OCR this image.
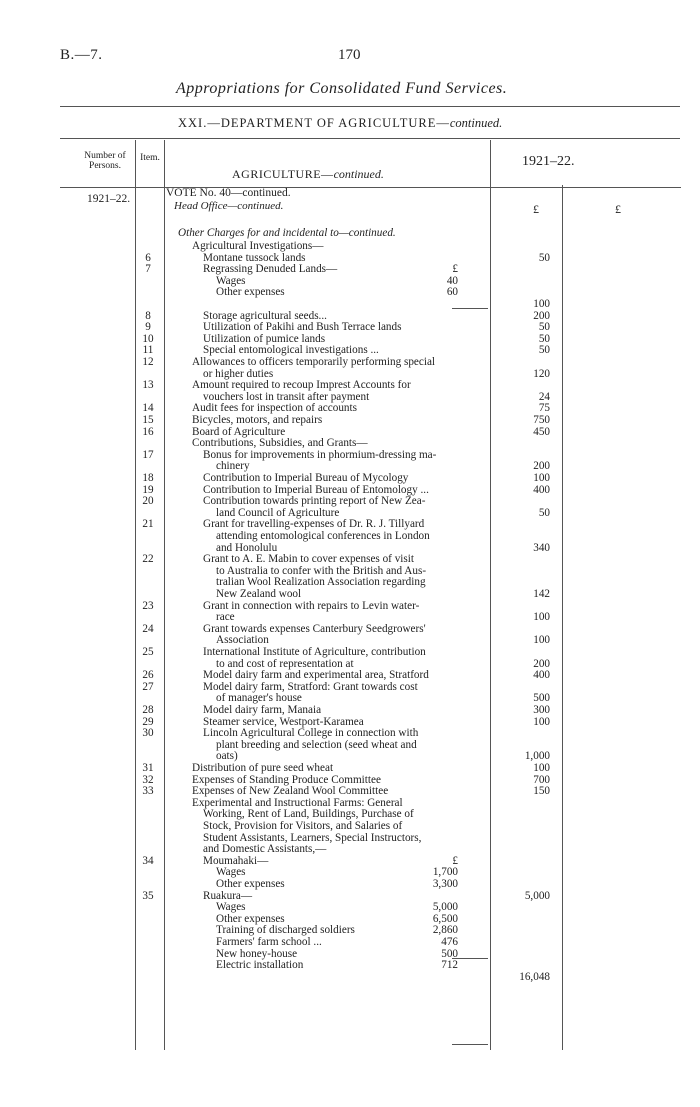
B.—7.	170
Appropriations for Consolidated Fund Services.
XXI.—DEPARTMENT OF AGRICULTURE—continued.
Number of Persons.
Item.
AGRICULTURE—continued.
1921–22.
£	£
1921–22.	VOTE No. 40—continued.
Head Office—continued.
Other Charges for and incidental to—continued.
Agricultural Investigations—
6	Montane tussock lands	50
7	Regrassing Denuded Lands—	£
Wages	40
Other expenses	60
100
8	Storage agricultural seeds...	200
9	Utilization of Pakihi and Bush Terrace lands	50
10	Utilization of pumice lands	50
11	Special entomological investigations ...	50
12	Allowances to officers temporarily performing special
or higher duties	120
13	Amount required to recoup Imprest Accounts for
vouchers lost in transit after payment	24
14	Audit fees for inspection of accounts	75
15	Bicycles, motors, and repairs	750
16	Board of Agriculture	450
Contributions, Subsidies, and Grants—
17	Bonus for improvements in phormium-dressing ma-
chinery	200
18	Contribution to Imperial Bureau of Mycology	100
19	Contribution to Imperial Bureau of Entomology ...	400
20	Contribution towards printing report of New Zea-
land Council of Agriculture	50
21	Grant for travelling-expenses of Dr. R. J. Tillyard
attending entomological conferences in London
and Honolulu	340
22	Grant to A. E. Mabin to cover expenses of visit
to Australia to confer with the British and Aus-
tralian Wool Realization Association regarding
New Zealand wool	142
23	Grant in connection with repairs to Levin water-
race	100
24	Grant towards expenses Canterbury Seedgrowers'
Association	100
25	International Institute of Agriculture, contribution
to and cost of representation at	200
26	Model dairy farm and experimental area, Stratford	400
27	Model dairy farm, Stratford: Grant towards cost
of manager's house	500
28	Model dairy farm, Manaia	300
29	Steamer service, Westport-Karamea	100
30	Lincoln Agricultural College in connection with
plant breeding and selection (seed wheat and
oats)	1,000
31	Distribution of pure seed wheat	100
32	Expenses of Standing Produce Committee	700
33	Expenses of New Zealand Wool Committee	150
Experimental and Instructional Farms: General
Working, Rent of Land, Buildings, Purchase of
Stock, Provision for Visitors, and Salaries of
Student Assistants, Learners, Special Instructors,
and Domestic Assistants,—
34	Moumahaki—	£
Wages	1,700
Other expenses	3,300
35	Ruakura—	5,000
Wages	5,000
Other expenses	6,500
Training of discharged soldiers	2,860
Farmers' farm school ...	476
New honey-house	500
Electric installation	712
16,048
